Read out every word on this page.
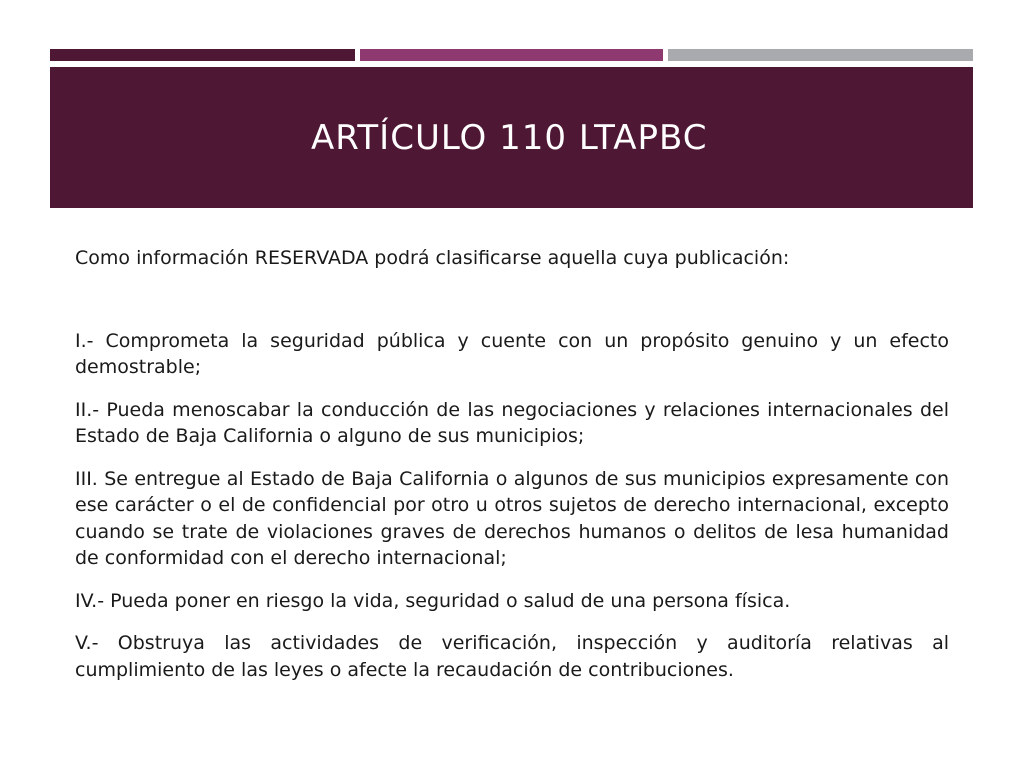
ARTÍCULO 110 LTAPBC

Como información RESERVADA podrá clasificarse aquella cuya publicación:

I.- Comprometa la seguridad pública y cuente con un propósito genuino y un efecto demostrable;

II.- Pueda menoscabar la conducción de las negociaciones y relaciones internacionales del Estado de Baja California o alguno de sus municipios;

III. Se entregue al Estado de Baja California o algunos de sus municipios expresamente con ese carácter o el de confidencial por otro u otros sujetos de derecho internacional, excepto cuando se trate de violaciones graves de derechos humanos o delitos de lesa humanidad de conformidad con el derecho internacional;

IV.- Pueda poner en riesgo la vida, seguridad o salud de una persona física.

V.- Obstruya las actividades de verificación, inspección y auditoría relativas al cumplimiento de las leyes o afecte la recaudación de contribuciones.
